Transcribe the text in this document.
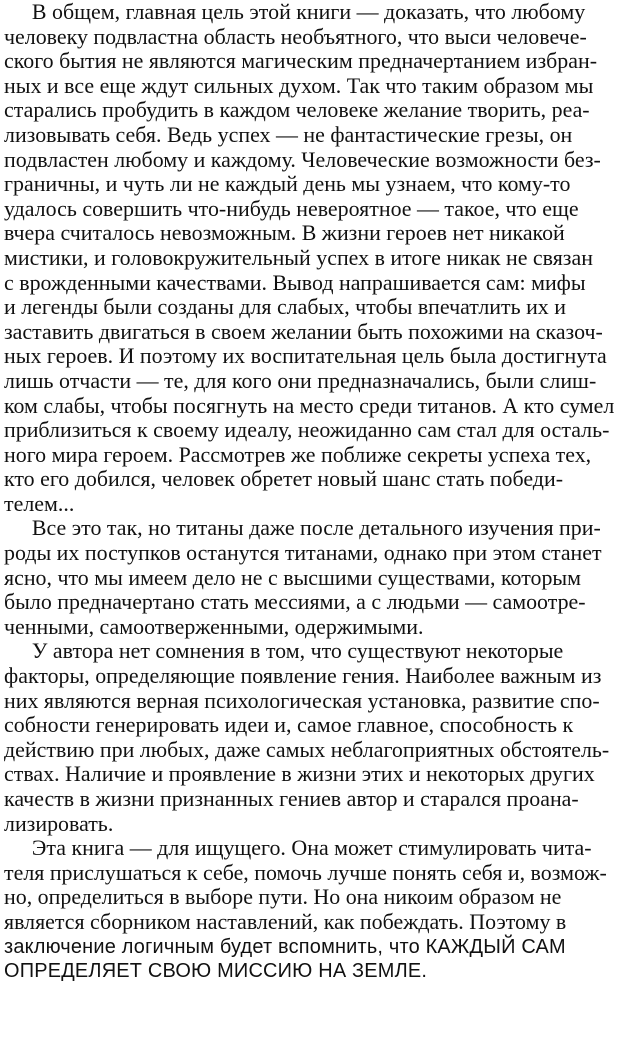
В общем, главная цель этой книги — доказать, что любому
человеку подвластна область необъятного, что выси человече-
ского бытия не являются магическим предначертанием избран-
ных и все еще ждут сильных духом. Так что таким образом мы
старались пробудить в каждом человеке желание творить, реа-
лизовывать себя. Ведь успех — не фантастические грезы, он
подвластен любому и каждому. Человеческие возможности без-
граничны, и чуть ли не каждый день мы узнаем, что кому-то
удалось совершить что-нибудь невероятное — такое, что еще
вчера считалось невозможным. В жизни героев нет никакой
мистики, и головокружительный успех в итоге никак не связан
с врожденными качествами. Вывод напрашивается сам: мифы
и легенды были созданы для слабых, чтобы впечатлить их и
заставить двигаться в своем желании быть похожими на сказоч-
ных героев. И поэтому их воспитательная цель была достигнута
лишь отчасти — те, для кого они предназначались, были слиш-
ком слабы, чтобы посягнуть на место среди титанов. А кто сумел
приблизиться к своему идеалу, неожиданно сам стал для осталь-
ного мира героем. Рассмотрев же поближе секреты успеха тех,
кто его добился, человек обретет новый шанс стать победи-
телем...
Все это так, но титаны даже после детального изучения при-
роды их поступков останутся титанами, однако при этом станет
ясно, что мы имеем дело не с высшими существами, которым
было предначертано стать мессиями, а с людьми — самоотре-
ченными, самоотверженными, одержимыми.
У автора нет сомнения в том, что существуют некоторые
факторы, определяющие появление гения. Наиболее важным из
них являются верная психологическая установка, развитие спо-
собности генерировать идеи и, самое главное, способность к
действию при любых, даже самых неблагоприятных обстоятель-
ствах. Наличие и проявление в жизни этих и некоторых других
качеств в жизни признанных гениев автор и старался проана-
лизировать.
Эта книга — для ищущего. Она может стимулировать чита-
теля прислушаться к себе, помочь лучше понять себя и, возмож-
но, определиться в выборе пути. Но она никоим образом не
является сборником наставлений, как побеждать. Поэтому в
заключение логичным будет вспомнить, что КАЖДЫЙ САМ
ОПРЕДЕЛЯЕТ СВОЮ МИССИЮ НА ЗЕМЛЕ.
